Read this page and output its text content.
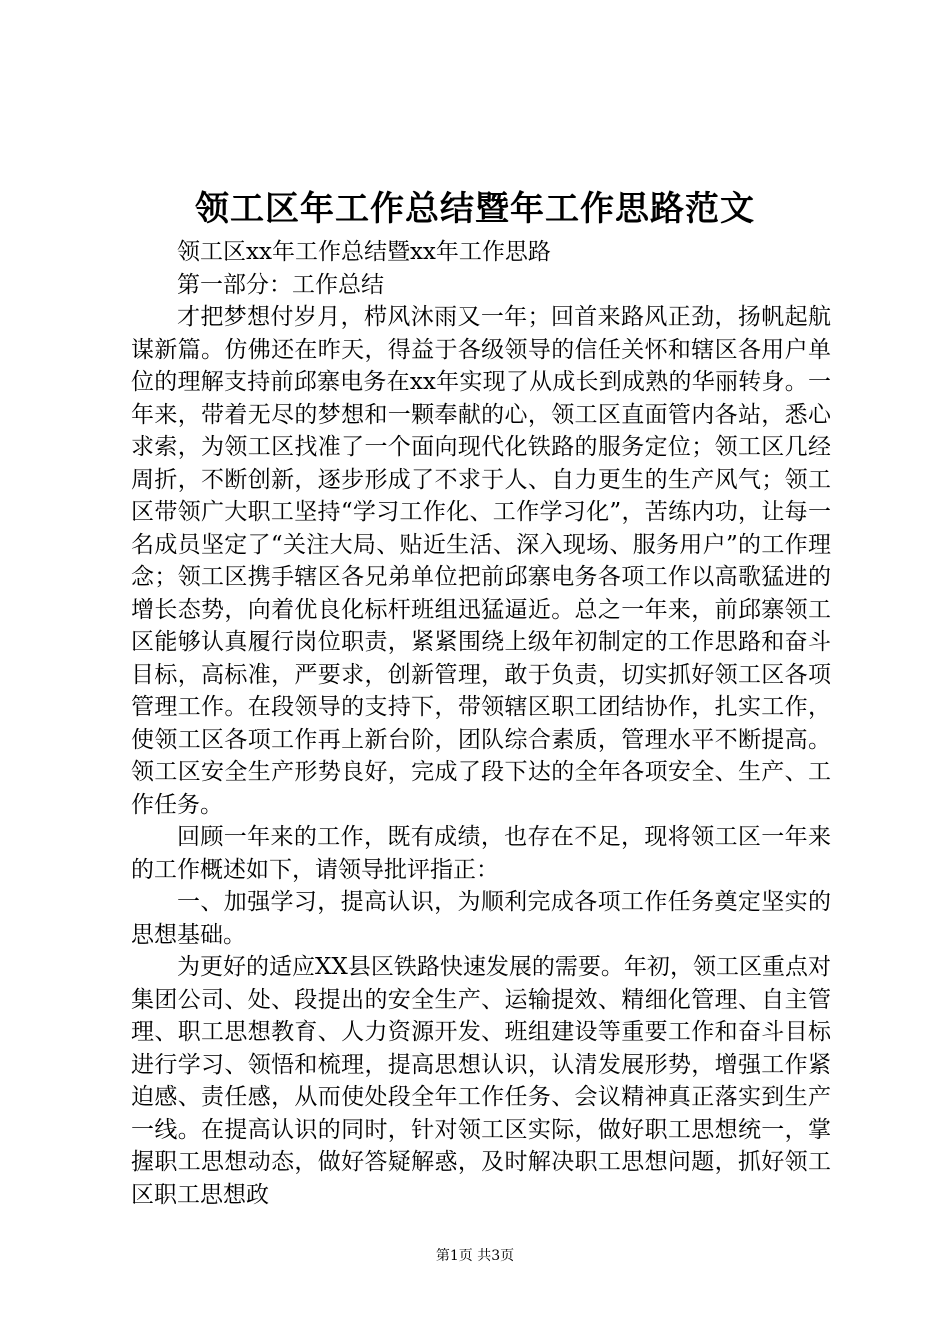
领工区年工作总结暨年工作思路范文

领工区xx年工作总结暨xx年工作思路

第一部分：工作总结

才把梦想付岁月，栉风沐雨又一年；回首来路风正劲，扬帆起航谋新篇。仿佛还在昨天，得益于各级领导的信任关怀和辖区各用户单位的理解支持前邱寨电务在xx年实现了从成长到成熟的华丽转身。一年来，带着无尽的梦想和一颗奉献的心，领工区直面管内各站，悉心求索，为领工区找准了一个面向现代化铁路的服务定位；领工区几经周折，不断创新，逐步形成了不求于人、自力更生的生产风气；领工区带领广大职工坚持“学习工作化、工作学习化”，苦练内功，让每一名成员坚定了“关注大局、贴近生活、深入现场、服务用户”的工作理念；领工区携手辖区各兄弟单位把前邱寨电务各项工作以高歌猛进的增长态势，向着优良化标杆班组迅猛逼近。总之一年来，前邱寨领工区能够认真履行岗位职责，紧紧围绕上级年初制定的工作思路和奋斗目标，高标准，严要求，创新管理，敢于负责，切实抓好领工区各项管理工作。在段领导的支持下，带领辖区职工团结协作，扎实工作，使领工区各项工作再上新台阶，团队综合素质，管理水平不断提高。领工区安全生产形势良好，完成了段下达的全年各项安全、生产、工作任务。

回顾一年来的工作，既有成绩，也存在不足，现将领工区一年来的工作概述如下，请领导批评指正：

一、加强学习，提高认识，为顺利完成各项工作任务奠定坚实的思想基础。

为更好的适应XX县区铁路快速发展的需要。年初，领工区重点对集团公司、处、段提出的安全生产、运输提效、精细化管理、自主管理、职工思想教育、人力资源开发、班组建设等重要工作和奋斗目标进行学习、领悟和梳理，提高思想认识，认清发展形势，增强工作紧迫感、责任感，从而使处段全年工作任务、会议精神真正落实到生产一线。在提高认识的同时，针对领工区实际，做好职工思想统一，掌握职工思想动态，做好答疑解惑，及时解决职工思想问题，抓好领工区职工思想政

第1页 共3页
